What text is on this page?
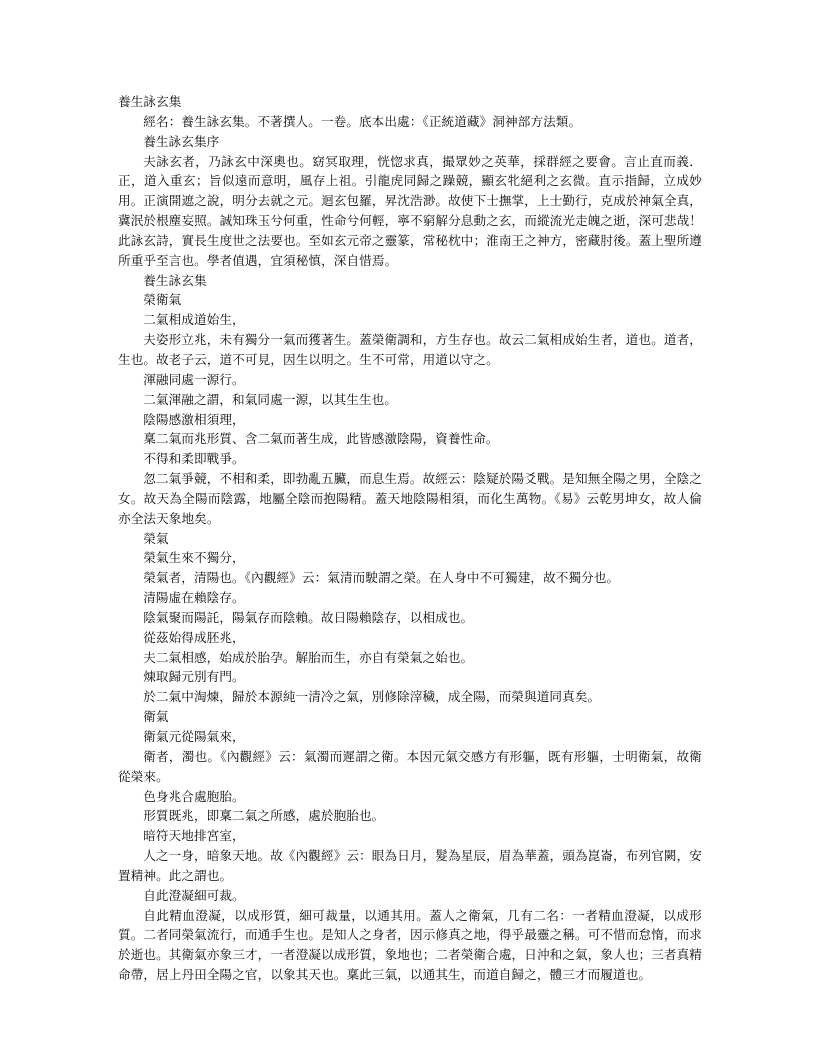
養生詠玄集

經名：養生詠玄集。不著撰人。一卷。底本出處：《正統道藏》洞神部方法類。

養生詠玄集序

夫詠玄者，乃詠玄中深奧也。窈冥取理，恍惚求真，撮眾妙之英華，採群經之要會。言止直而義．正，道入重玄；旨似遠而意明，風存上祖。引龍虎同歸之躁競，顯玄牝絕利之玄微。直示指歸，立成妙用。正演開遮之說，明分去就之元。迴玄包羅，昇沈浩渺。故使下士撫掌，上士勤行，克成於神氣全真，冀泯於根塵妄照。誠知珠玉兮何重，性命兮何輕，寧不窮解分息動之玄，而縱流光走魄之逝，深可悲哉！此詠玄詩，實長生度世之法要也。至如玄元帝之靈篆，常秘枕中；淮南王之神方，密藏肘後。蓋上聖所遵所重乎至言也。學者值遇，宜須秘慎，深自惜焉。

養生詠玄集

榮衛氣

二氣相成道始生，

夫姿形立兆，未有獨分一氣而獲著生。蓋榮衛調和，方生存也。故云二氣相成始生者，道也。道者，生也。故老子云，道不可見，因生以明之。生不可常，用道以守之。

渾融同處一源行。

二氣渾融之謂，和氣同處一源，以其生生也。

陰陽感激相須理，

稟二氣而兆形質、含二氣而著生成，此皆感激陰陽，資養性命。

不得和柔即戰爭。

忽二氣爭競，不相和柔，即勃亂五臟，而息生焉。故經云：陰疑於陽爻戰。是知無全陽之男，全陰之女。故天為全陽而陰露，地屬全陰而抱陽精。蓋天地陰陽相須，而化生萬物。《易》云乾男坤女，故人倫亦全法天象地矣。

榮氣

榮氣生來不獨分，

榮氣者，清陽也。《內觀經》云：氣清而駛謂之榮。在人身中不可獨建，故不獨分也。

清陽虛在賴陰存。

陰氣聚而陽託，陽氣存而陰賴。故日陽賴陰存，以相成也。

從茲始得成胚兆，

夫二氣相感，始成於胎孕。解胎而生，亦自有榮氣之始也。

煉取歸元別有門。

於二氣中淘煉，歸於本源純一清冷之氣，別修除滓穢，成全陽，而榮與道同真矣。

衛氣

衛氣元從陽氣來，

衛者，濁也。《內觀經》云：氣濁而遲謂之衛。本因元氣交感方有形軀，既有形軀，士明衛氣，故衛從榮來。

色身兆合處胞胎。

形質既兆，即稟二氣之所感，處於胞胎也。

暗符天地排宮室，

人之一身，暗象天地。故《內觀經》云：眼為日月，髮為星辰，眉為華蓋，頭為崑崙，布列官闕，安置精神。此之謂也。

自此澄凝細可裁。

自此精血澄凝，以成形質，細可裁量，以通其用。蓋人之衛氣，几有二名：一者精血澄凝，以成形質。二者同榮氣流行，而通手生也。是知人之身者，因示修真之地，得乎最靈之稱。可不惜而怠惰，而求於逝也。其衛氣亦象三才，一者澄凝以成形質，象地也；二者榮衛合處，日沖和之氣，象人也；三者真精命帶，居上丹田全陽之官，以象其天也。稟此三氣，以通其生，而道自歸之，體三才而履道也。
